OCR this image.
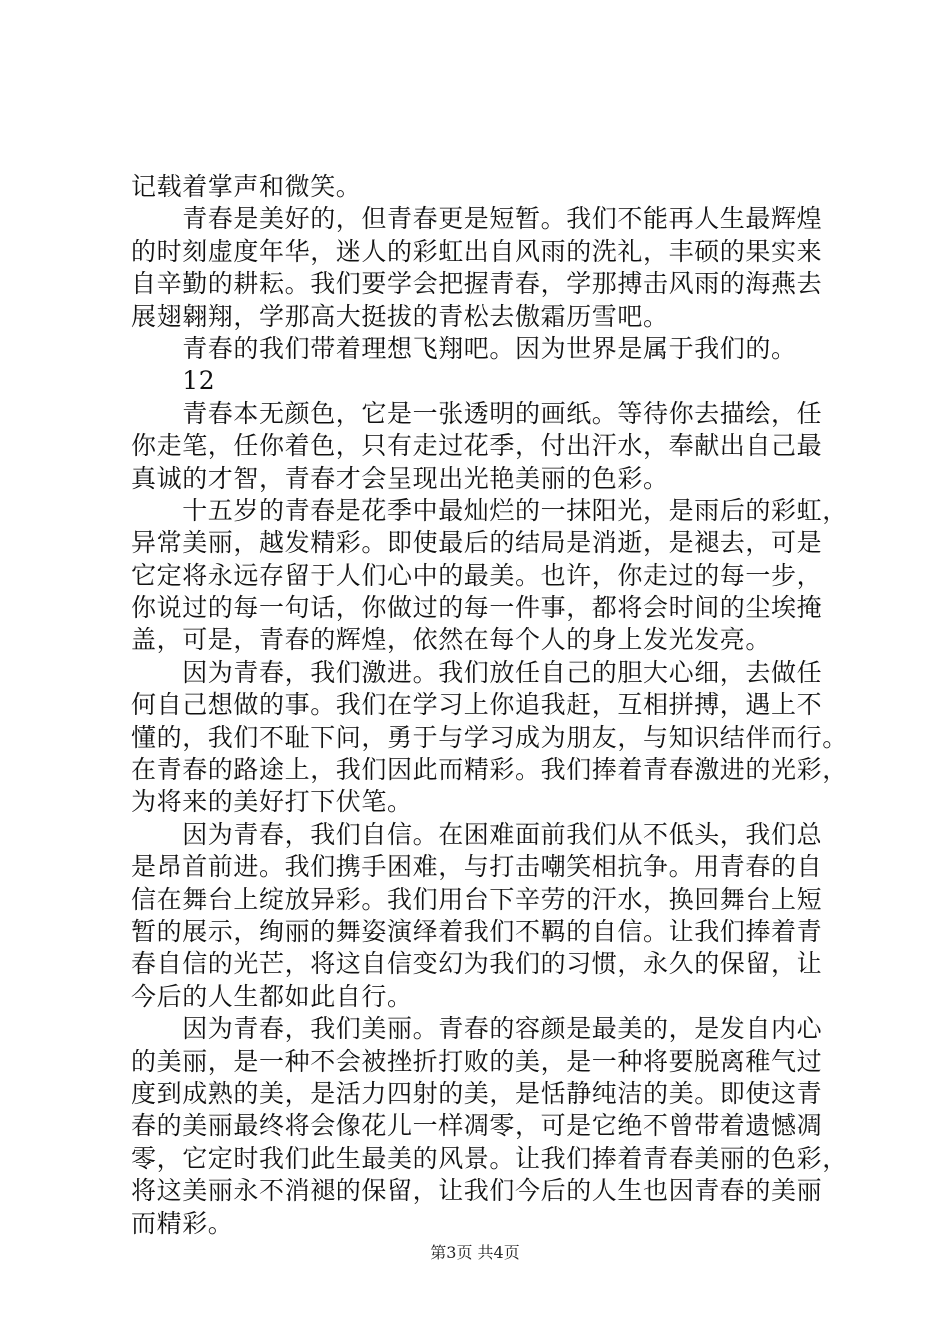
记载着掌声和微笑。
　　青春是美好的，但青春更是短暂。我们不能再人生最辉煌
的时刻虚度年华，迷人的彩虹出自风雨的洗礼，丰硕的果实来
自辛勤的耕耘。我们要学会把握青春，学那搏击风雨的海燕去
展翅翱翔，学那高大挺拔的青松去傲霜历雪吧。
　　青春的我们带着理想飞翔吧。因为世界是属于我们的。
　　12
　　青春本无颜色，它是一张透明的画纸。等待你去描绘，任
你走笔，任你着色，只有走过花季，付出汗水，奉献出自己最
真诚的才智，青春才会呈现出光艳美丽的色彩。
　　十五岁的青春是花季中最灿烂的一抹阳光，是雨后的彩虹，
异常美丽，越发精彩。即使最后的结局是消逝，是褪去，可是
它定将永远存留于人们心中的最美。也许，你走过的每一步，
你说过的每一句话，你做过的每一件事，都将会时间的尘埃掩
盖，可是，青春的辉煌，依然在每个人的身上发光发亮。
　　因为青春，我们激进。我们放任自己的胆大心细，去做任
何自己想做的事。我们在学习上你追我赶，互相拼搏，遇上不
懂的，我们不耻下问，勇于与学习成为朋友，与知识结伴而行。
在青春的路途上，我们因此而精彩。我们捧着青春激进的光彩，
为将来的美好打下伏笔。
　　因为青春，我们自信。在困难面前我们从不低头，我们总
是昂首前进。我们携手困难，与打击嘲笑相抗争。用青春的自
信在舞台上绽放异彩。我们用台下辛劳的汗水，换回舞台上短
暂的展示，绚丽的舞姿演绎着我们不羁的自信。让我们捧着青
春自信的光芒，将这自信变幻为我们的习惯，永久的保留，让
今后的人生都如此自行。
　　因为青春，我们美丽。青春的容颜是最美的，是发自内心
的美丽，是一种不会被挫折打败的美，是一种将要脱离稚气过
度到成熟的美，是活力四射的美，是恬静纯洁的美。即使这青
春的美丽最终将会像花儿一样凋零，可是它绝不曾带着遗憾凋
零，它定时我们此生最美的风景。让我们捧着青春美丽的色彩，
将这美丽永不消褪的保留，让我们今后的人生也因青春的美丽
而精彩。
第3页 共4页
